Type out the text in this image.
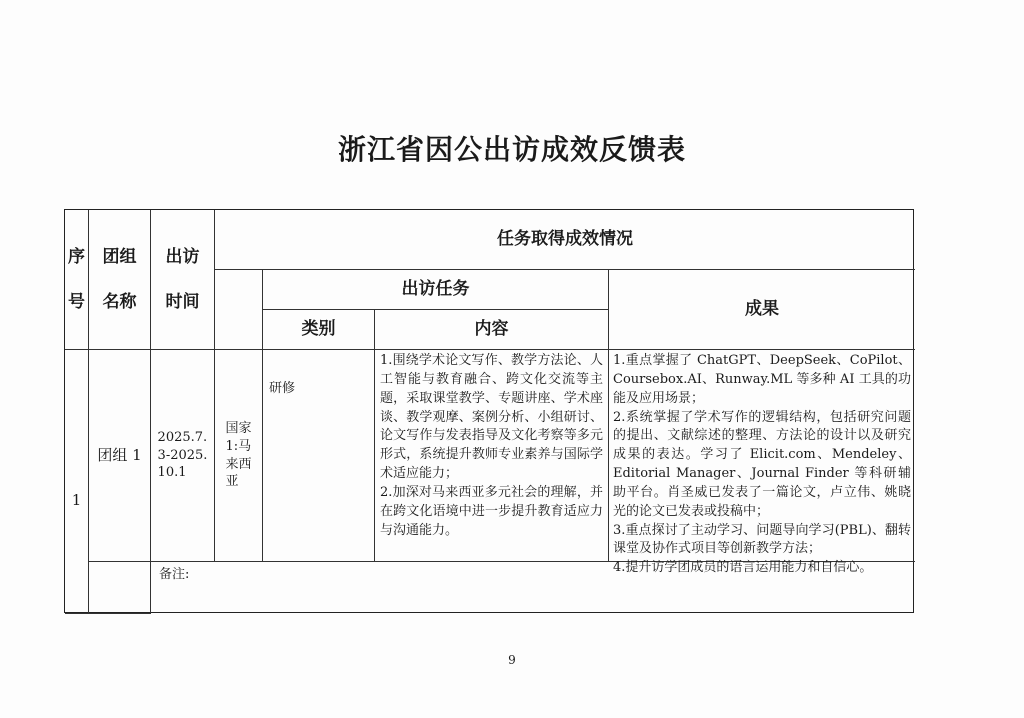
浙江省因公出访成效反馈表
序
号
团组
名称
出访
时间
任务取得成效情况
出访任务
成果
类别	内容
1
团组 1
2025.7.
3-2025.
10.1
国家
1:马
来西
亚
研修
1.围绕学术论文写作、教学方法论、人工智能与教育融合、跨文化交流等主题，采取课堂教学、专题讲座、学术座谈、教学观摩、案例分析、小组研讨、论文写作与发表指导及文化考察等多元形式，系统提升教师专业素养与国际学术适应能力；
2.加深对马来西亚多元社会的理解，并在跨文化语境中进一步提升教育适应力与沟通能力。
1.重点掌握了 ChatGPT、DeepSeek、CoPilot、Coursebox.AI、Runway.ML 等多种 AI 工具的功能及应用场景；
2.系统掌握了学术写作的逻辑结构，包括研究问题的提出、文献综述的整理、方法论的设计以及研究成果的表达。学习了 Elicit.com、Mendeley、Editorial Manager、Journal Finder 等科研辅助平台。肖圣威已发表了一篇论文，卢立伟、姚晓光的论文已发表或投稿中；
3.重点探讨了主动学习、问题导向学习(PBL)、翻转课堂及协作式项目等创新教学方法；
4.提升访学团成员的语言运用能力和自信心。
备注:
9
